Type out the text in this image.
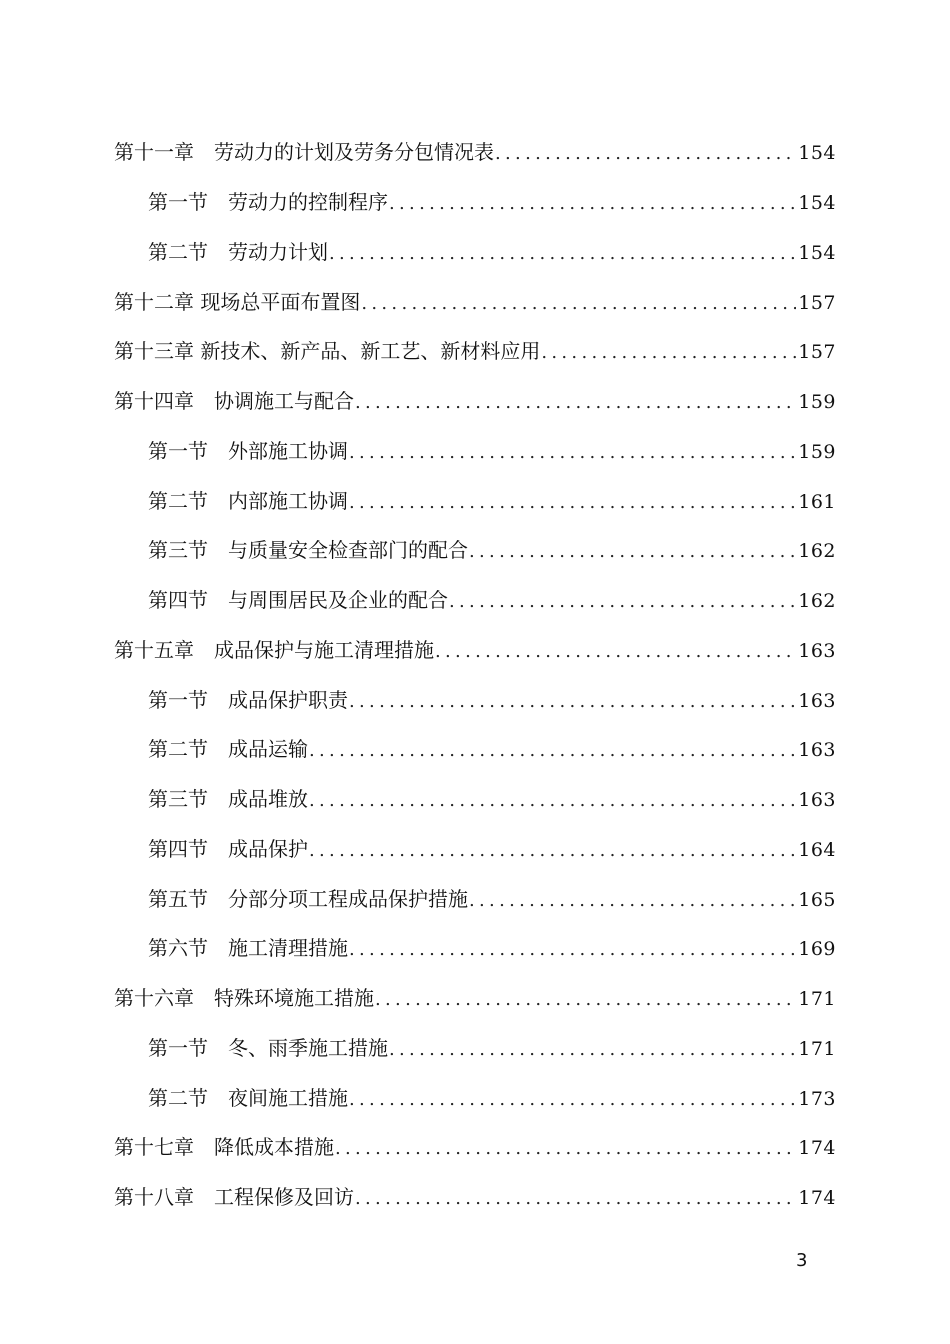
第十一章　劳动力的计划及劳务分包情况表 .....	154
第一节　劳动力的控制程序 .....	154
第二节　劳动力计划 .....	154
第十二章 现场总平面布置图 .....	157
第十三章 新技术、新产品、新工艺、新材料应用 .....	157
第十四章　协调施工与配合 .....	159
第一节　外部施工协调 .....	159
第二节　内部施工协调 .....	161
第三节　与质量安全检查部门的配合 .....	162
第四节　与周围居民及企业的配合 .....	162
第十五章　成品保护与施工清理措施 .....	163
第一节　成品保护职责 .....	163
第二节　成品运输 .....	163
第三节　成品堆放 .....	163
第四节　成品保护 .....	164
第五节　分部分项工程成品保护措施 .....	165
第六节　施工清理措施 .....	169
第十六章　特殊环境施工措施 .....	171
第一节　冬、雨季施工措施 .....	171
第二节　夜间施工措施 .....	173
第十七章　降低成本措施 .....	174
第十八章　工程保修及回访 .....	174
3
